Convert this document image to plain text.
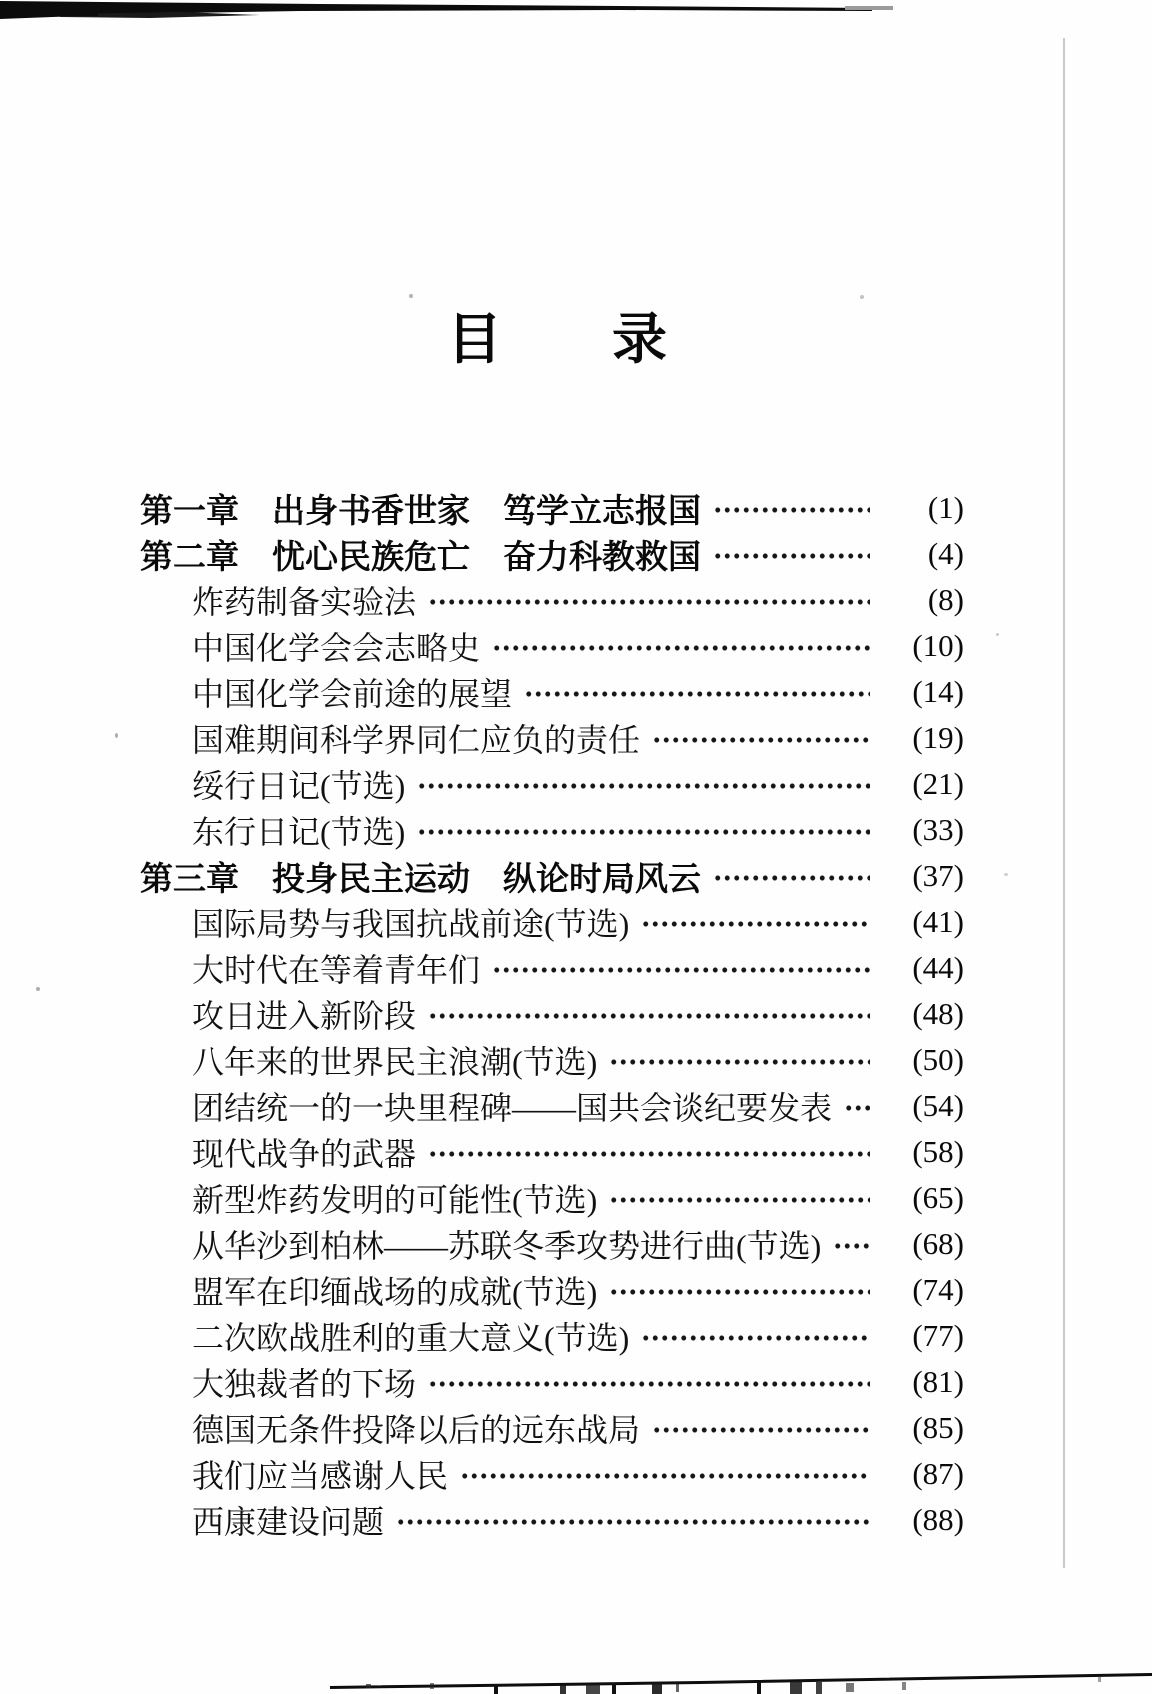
目　　录
第一章　出身书香世家　笃学立志报国	(1)
第二章　忧心民族危亡　奋力科教救国	(4)
炸药制备实验法	(8)
中国化学会会志略史	(10)
中国化学会前途的展望	(14)
国难期间科学界同仁应负的责任	(19)
绥行日记(节选)	(21)
东行日记(节选)	(33)
第三章　投身民主运动　纵论时局风云	(37)
国际局势与我国抗战前途(节选)	(41)
大时代在等着青年们	(44)
攻日进入新阶段	(48)
八年来的世界民主浪潮(节选)	(50)
团结统一的一块里程碑——国共会谈纪要发表	(54)
现代战争的武器	(58)
新型炸药发明的可能性(节选)	(65)
从华沙到柏林——苏联冬季攻势进行曲(节选)	(68)
盟军在印缅战场的成就(节选)	(74)
二次欧战胜利的重大意义(节选)	(77)
大独裁者的下场	(81)
德国无条件投降以后的远东战局	(85)
我们应当感谢人民	(87)
西康建设问题	(88)
